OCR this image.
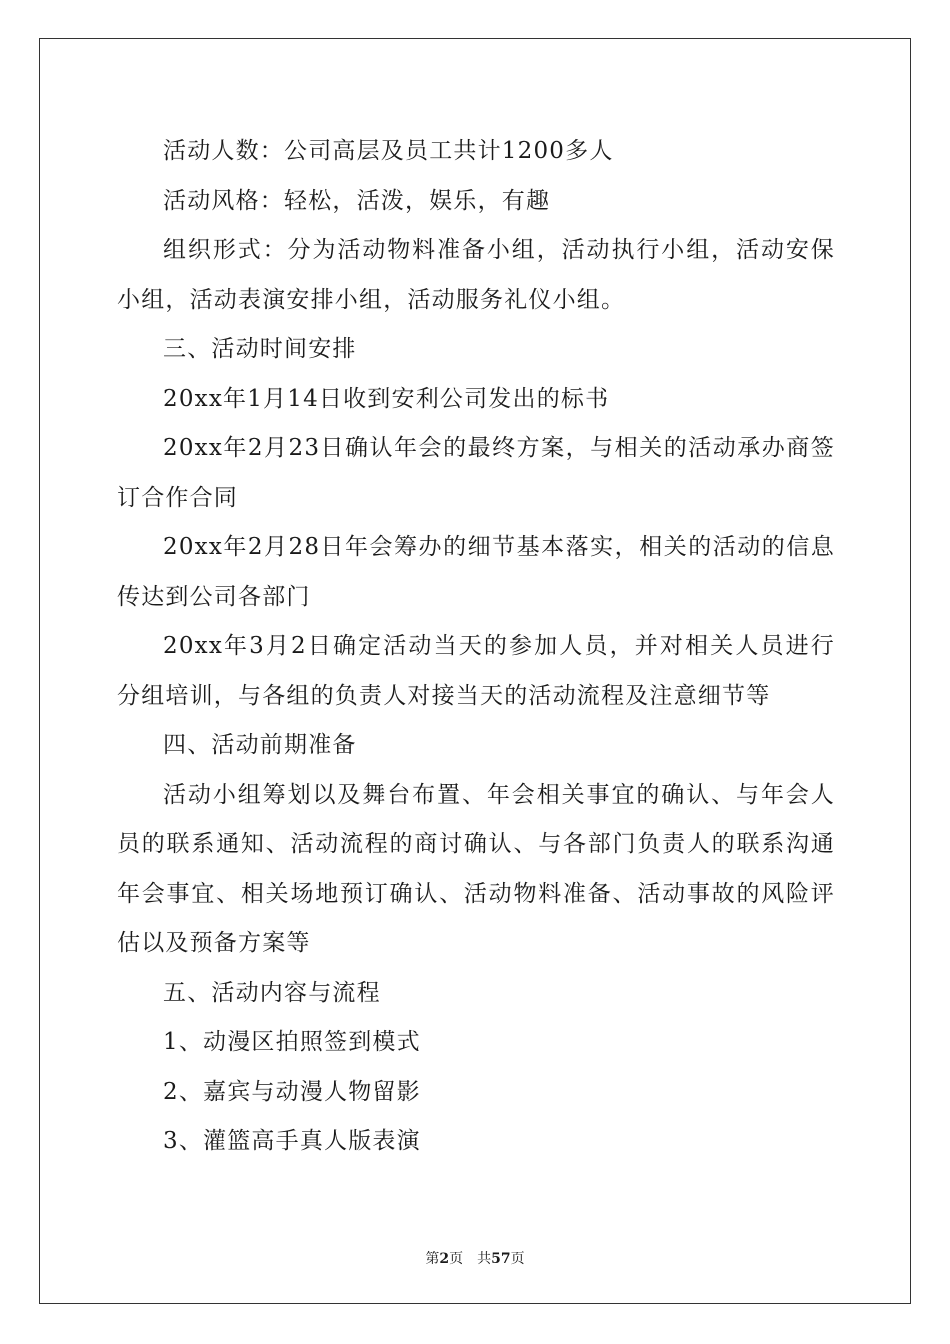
活动人数：公司高层及员工共计1200多人

活动风格：轻松，活泼，娱乐，有趣

组织形式：分为活动物料准备小组，活动执行小组，活动安保小组，活动表演安排小组，活动服务礼仪小组。

三、活动时间安排

20xx年1月14日收到安利公司发出的标书

20xx年2月23日确认年会的最终方案，与相关的活动承办商签订合作合同

20xx年2月28日年会筹办的细节基本落实，相关的活动的信息传达到公司各部门

20xx年3月2日确定活动当天的参加人员，并对相关人员进行分组培训，与各组的负责人对接当天的活动流程及注意细节等

四、活动前期准备

活动小组筹划以及舞台布置、年会相关事宜的确认、与年会人员的联系通知、活动流程的商讨确认、与各部门负责人的联系沟通年会事宜、相关场地预订确认、活动物料准备、活动事故的风险评估以及预备方案等

五、活动内容与流程

1、动漫区拍照签到模式

2、嘉宾与动漫人物留影

3、灌篮高手真人版表演

第2页 共57页
